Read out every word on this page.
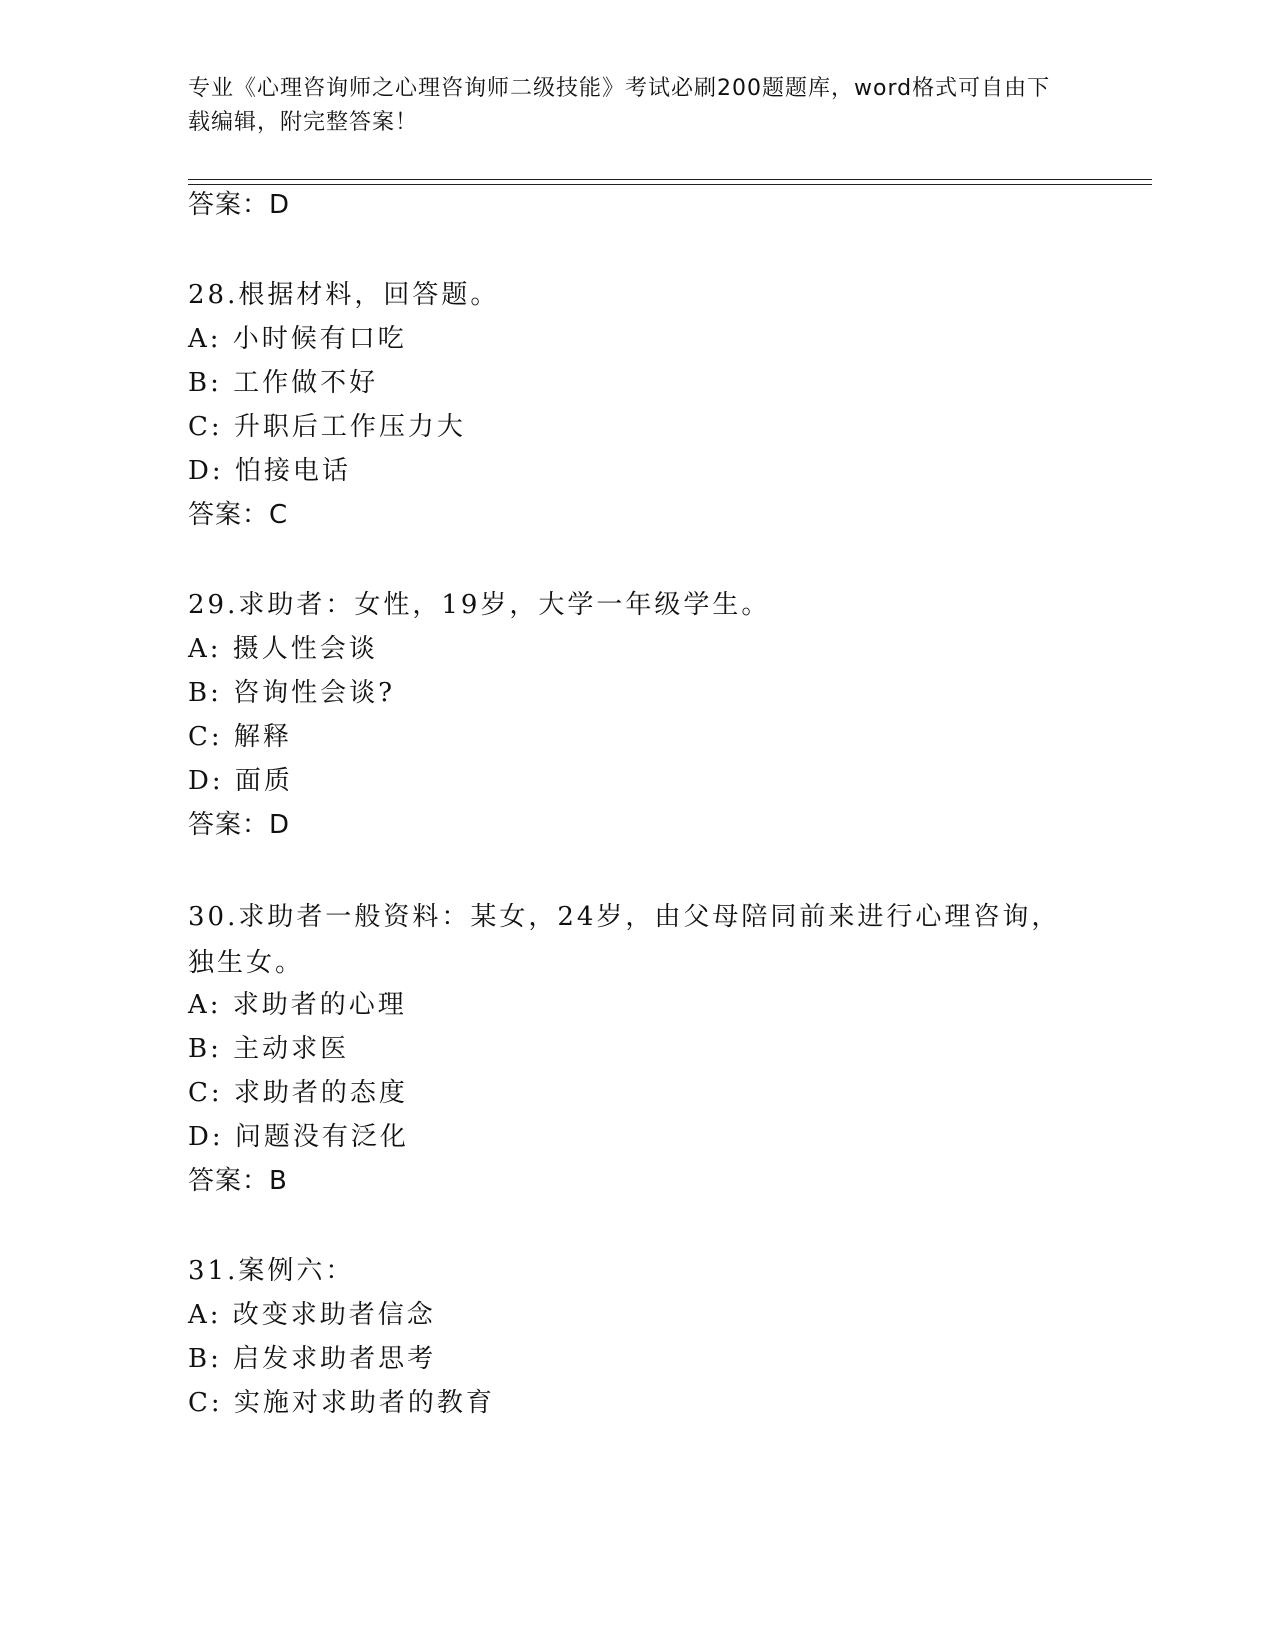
专业《心理咨询师之心理咨询师二级技能》考试必刷200题题库，word格式可自由下载编辑，附完整答案！
答案：D
28.根据材料，回答题。
A: 小时候有口吃
B: 工作做不好
C: 升职后工作压力大
D: 怕接电话
答案：C
29.求助者：女性，19岁，大学一年级学生。
A: 摄人性会谈
B: 咨询性会谈?
C: 解释
D: 面质
答案：D
30.求助者一般资料：某女，24岁，由父母陪同前来进行心理咨询，独生女。
A: 求助者的心理
B: 主动求医
C: 求助者的态度
D: 问题没有泛化
答案：B
31.案例六：
A: 改变求助者信念
B: 启发求助者思考
C: 实施对求助者的教育
